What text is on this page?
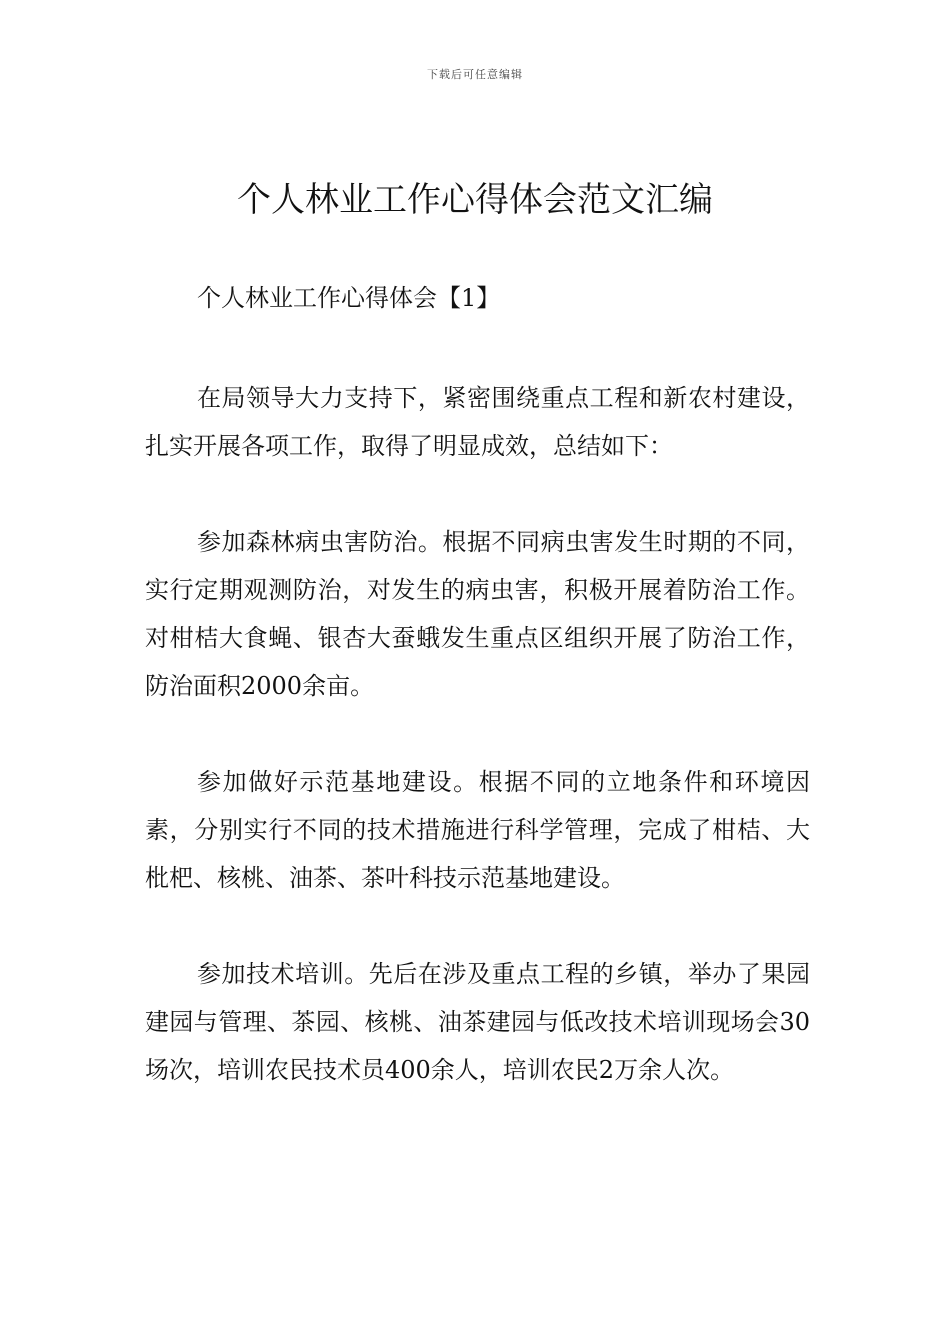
下载后可任意编辑
个人林业工作心得体会范文汇编

个人林业工作心得体会【1】

在局领导大力支持下，紧密围绕重点工程和新农村建设，扎实开展各项工作，取得了明显成效，总结如下：

参加森林病虫害防治。根据不同病虫害发生时期的不同，实行定期观测防治，对发生的病虫害，积极开展着防治工作。对柑桔大食蝇、银杏大蚕蛾发生重点区组织开展了防治工作，防治面积2000余亩。

参加做好示范基地建设。根据不同的立地条件和环境因素，分别实行不同的技术措施进行科学管理，完成了柑桔、大枇杷、核桃、油茶、茶叶科技示范基地建设。

参加技术培训。先后在涉及重点工程的乡镇，举办了果园建园与管理、茶园、核桃、油茶建园与低改技术培训现场会30场次，培训农民技术员400余人，培训农民2万余人次。
